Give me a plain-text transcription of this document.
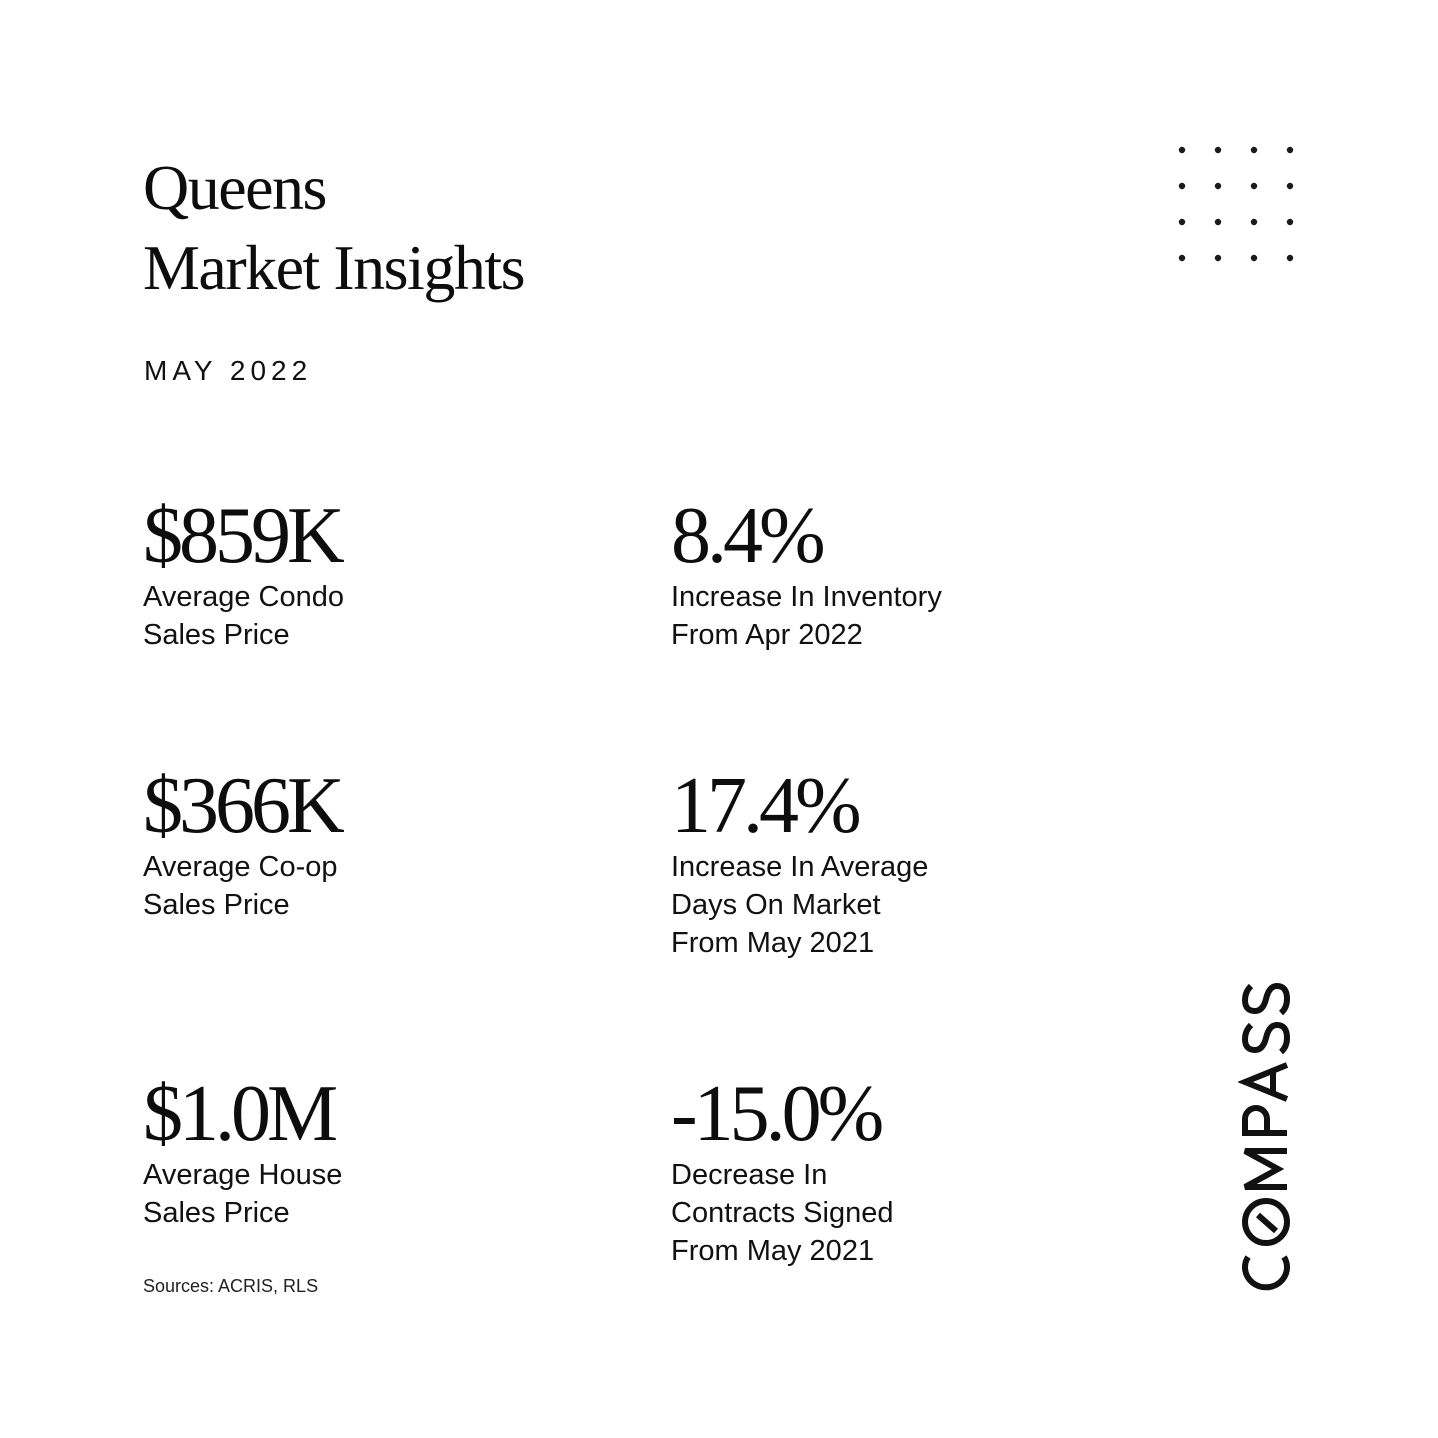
Queens
Market Insights
MAY 2022
$859K
Average Condo
Sales Price
8.4%
Increase In Inventory
From Apr 2022
$366K
Average Co-op
Sales Price
17.4%
Increase In Average
Days On Market
From May 2021
$1.0M
Average House
Sales Price
-15.0%
Decrease In
Contracts Signed
From May 2021
Sources: ACRIS, RLS
